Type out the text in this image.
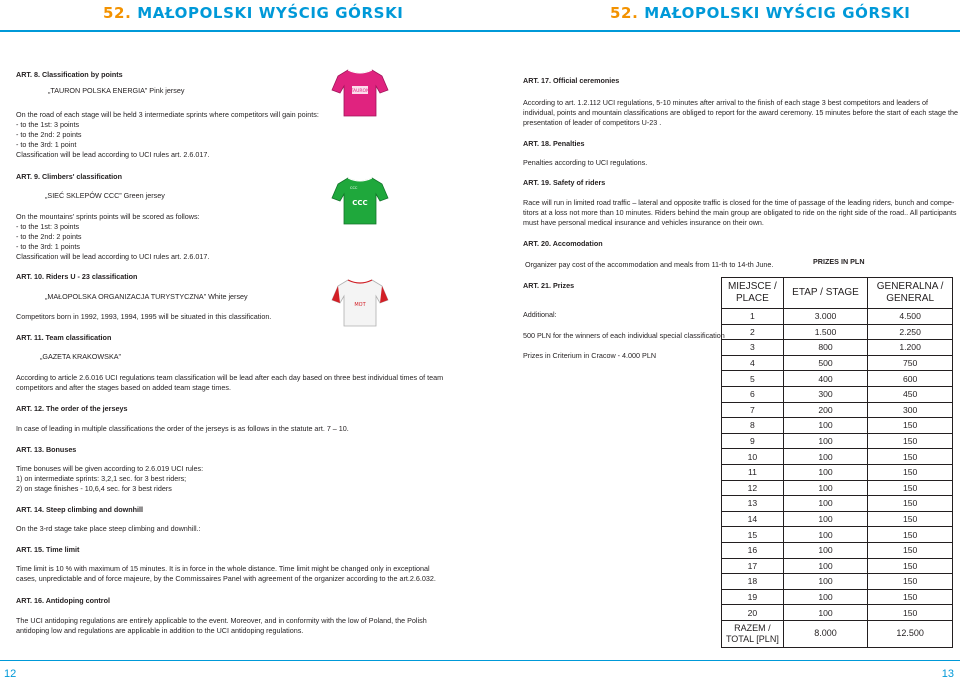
52. MAŁOPOLSKI WYŚCIG GÓRSKI	52. MAŁOPOLSKI WYŚCIG GÓRSKI
ART. 8. Classification by points
„TAURON POLSKA ENERGIA” Pink jersey
On the road of each stage will be held 3 intermediate sprints where competitors will gain points:
- to the 1st: 3 points
- to the 2nd: 2 points
- to the 3rd: 1 point
Classification will be lead according to UCI rules art. 2.6.017.
ART. 9. Climbers' classification
„SIEĆ SKLEPÓW CCC” Green jersey
On the mountains' sprints points will be scored as follows:
- to the 1st: 3 points
- to the 2nd: 2 points
- to the 3rd: 1 points
Classification will be lead according to UCI rules art. 2.6.017.
ART. 10. Riders U - 23 classification
„MAŁOPOLSKA ORGANIZACJA TURYSTYCZNA” White jersey
Competitors born in 1992, 1993, 1994, 1995 will be situated in this classification.
ART. 11. Team classification
„GAZETA KRAKOWSKA”
According to article 2.6.016 UCI regulations team classification will be lead after each day based on three best individual times of team
competitors and after the stages based on added team stage times.
ART. 12. The order of the jerseys
In case of leading in multiple classifications the order of the jerseys is as follows in the statute art. 7 – 10.
ART. 13. Bonuses
Time bonuses will be given according to 2.6.019 UCI rules:
1) on intermediate sprints: 3,2,1 sec. for 3 best riders;
2) on stage finishes - 10,6,4 sec. for 3 best riders
ART. 14. Steep climbing and downhill
On the 3-rd stage take place steep climbing and downhill.:
ART. 15. Time limit
Time limit is 10 % with maximum of 15 minutes. It is in force in the whole distance. Time limit might be changed only in exceptional
cases, unpredictable and of force majeure, by the Commissaires Panel with agreement of the organizer according to the art.2.6.032.
ART. 16. Antidoping control
The UCI antidoping regulations are entirely applicable to the event. Moreover, and in conformity with the low of Poland, the Polish
antidoping low and regulations are applicable in addition to the UCI antidoping regulations.
TAURON
CCC
CCC
MOT
ART. 17. Official ceremonies
According to art. 1.2.112 UCI regulations, 5-10 minutes after arrival to the finish of each stage 3 best competitors and leaders of
individual, points and mountain classifications are obliged to report for the award ceremony. 15 minutes before the start of each stage the
presentation of leader of competitors U-23 .
ART. 18. Penalties
Penalties according to UCI regulations.
ART. 19. Safety of riders
Race will run in limited road traffic – lateral and opposite traffic is closed for the time of passage of the leading riders, bunch and compe-
titors at a loss not more than 10 minutes. Riders behind the main group are obligated to ride on the right side of the road.. All participants
must have personal medical insurance and vehicles insurance on their own.
ART. 20. Accomodation
Organizer pay cost of the accommodation and meals from 11-th to 14-th June.	PRIZES IN PLN
ART. 21. Prizes
Additional:
500 PLN for the winners of each individual special classification
Prizes in Criterium in Cracow - 4.000 PLN
MIEJSCE / PLACE	ETAP / STAGE	GENERALNA / GENERAL
1	3.000	4.500
2	1.500	2.250
3	800	1.200
4	500	750
5	400	600
6	300	450
7	200	300
8	100	150
9	100	150
10	100	150
11	100	150
12	100	150
13	100	150
14	100	150
15	100	150
16	100	150
17	100	150
18	100	150
19	100	150
20	100	150
RAZEM / TOTAL [PLN]	8.000	12.500
12	13
